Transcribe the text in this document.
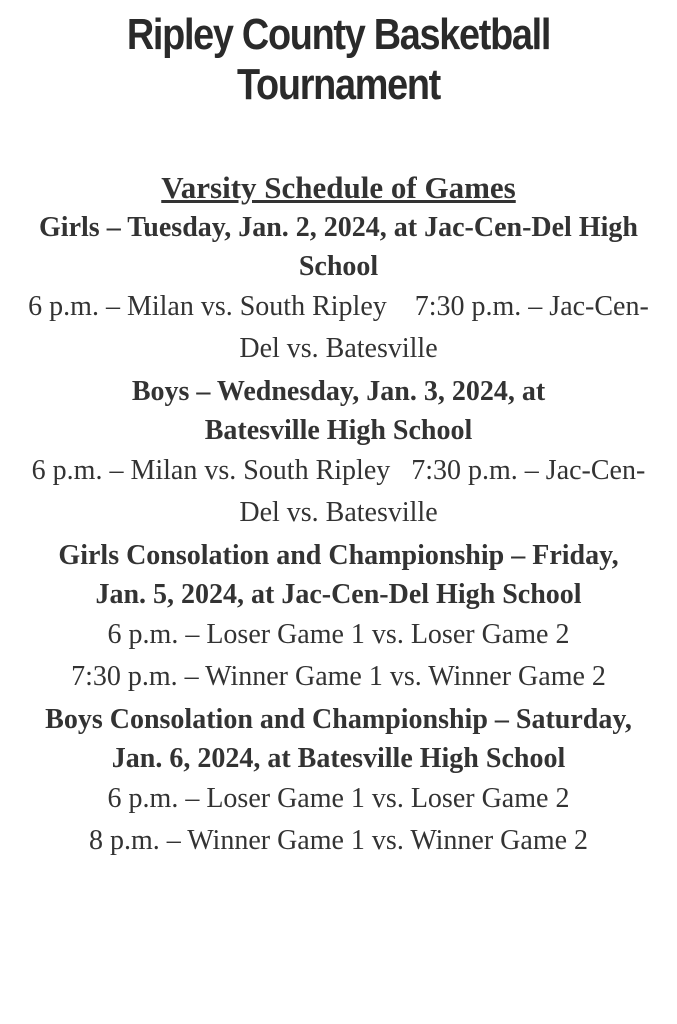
Ripley County Basketball
Tournament
Varsity Schedule of Games
Girls – Tuesday, Jan. 2, 2024, at Jac-Cen-Del High School

6 p.m. – Milan vs. South Ripley    7:30 p.m. – Jac-Cen-Del vs. Batesville

Boys – Wednesday, Jan. 3, 2024, at Batesville High School

6 p.m. – Milan vs. South Ripley   7:30 p.m. – Jac-Cen-Del vs. Batesville

Girls Consolation and Championship – Friday, Jan. 5, 2024, at Jac-Cen-Del High School

6 p.m. – Loser Game 1 vs. Loser Game 2

7:30 p.m. – Winner Game 1 vs. Winner Game 2

Boys Consolation and Championship – Saturday, Jan. 6, 2024, at Batesville High School

6 p.m. – Loser Game 1 vs. Loser Game 2

8 p.m. – Winner Game 1 vs. Winner Game 2
